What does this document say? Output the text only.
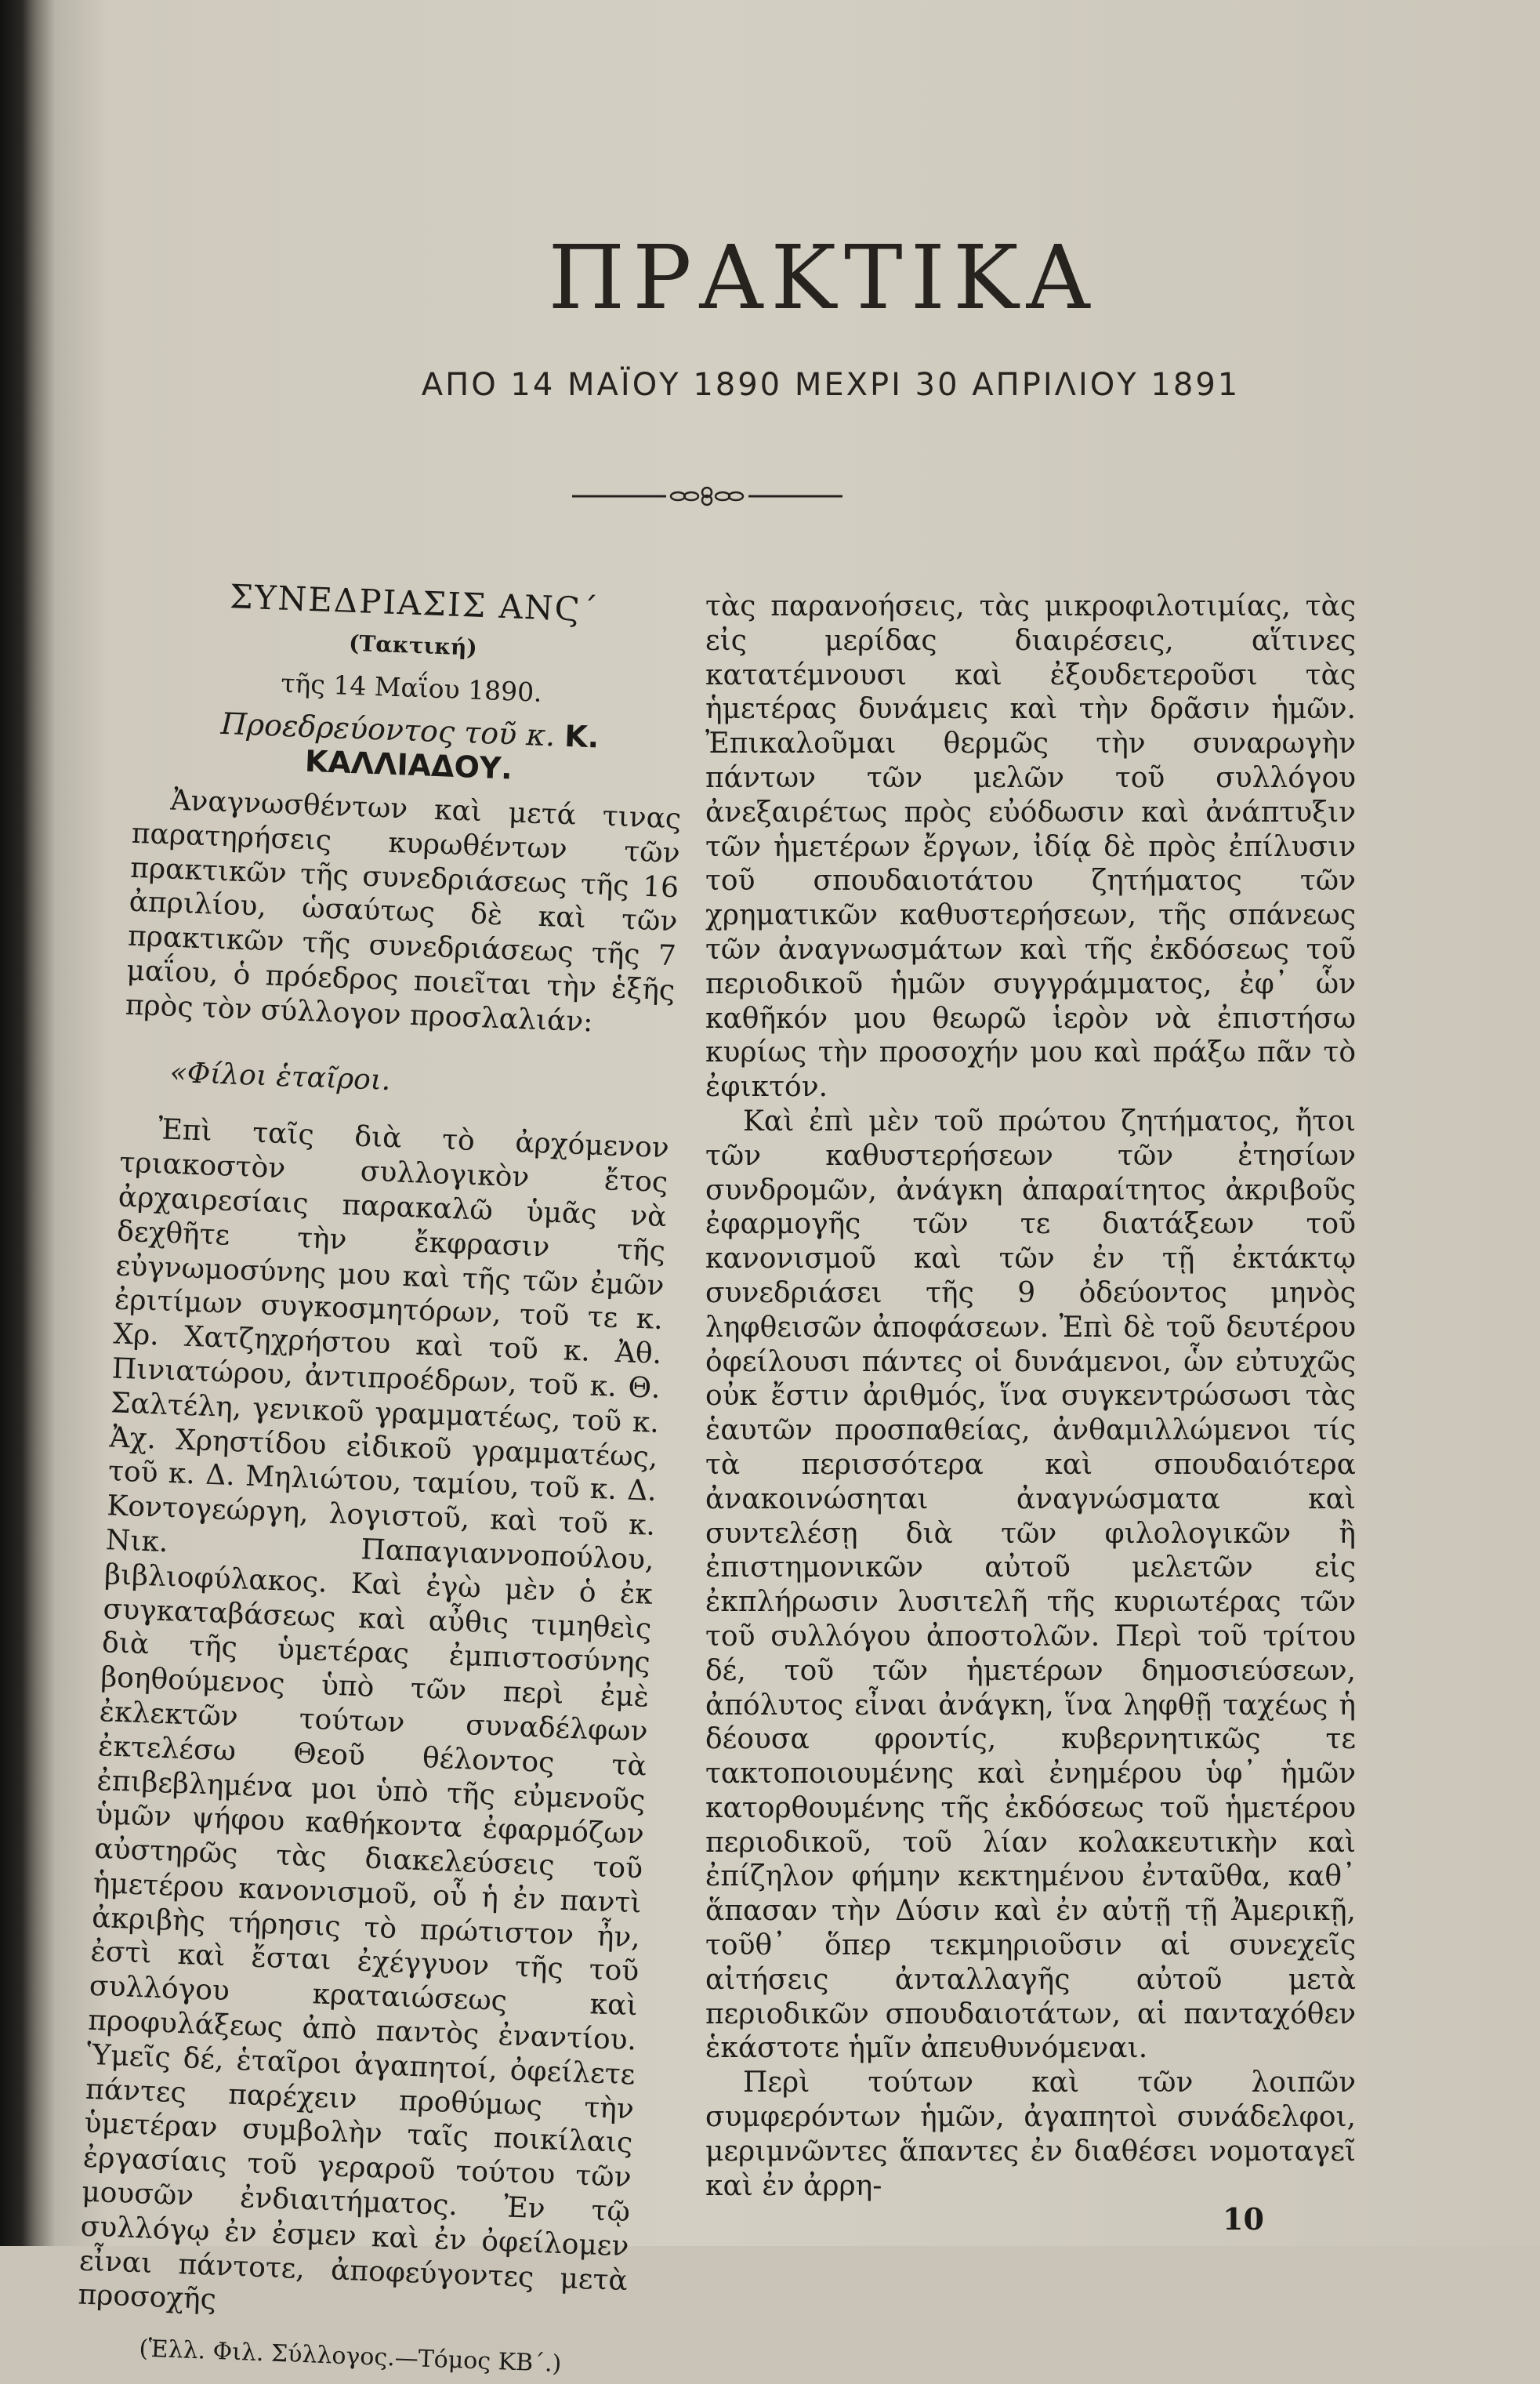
ΠΡΑΚΤΙΚΑ
ΑΠΟ 14 ΜΑΪΟΥ 1890 ΜΕΧΡΙ 30 ΑΠΡΙΛΙΟΥ 1891
ΣΥΝΕΔΡΙΑΣΙΣ ΑΝϚ΄
(Τακτική)
τῆς 14 Μαΐου 1890.
Προεδρεύοντος τοῦ κ. Κ. ΚΑΛΛΙΑΔΟΥ.

Ἀναγνωσθέντων καὶ μετά τινας παρατηρήσεις κυρωθέντων τῶν πρακτικῶν τῆς συνεδριάσεως τῆς 16 ἀπριλίου, ὡσαύτως δὲ καὶ τῶν πρακτικῶν τῆς συνεδριάσεως τῆς 7 μαΐου, ὁ πρόεδρος ποιεῖται τὴν ἑξῆς πρὸς τὸν σύλλογον προσλαλιάν:

«Φίλοι ἑταῖροι.

Ἐπὶ ταῖς διὰ τὸ ἀρχόμενον τριακοστὸν συλλογικὸν ἔτος ἀρχαιρεσίαις παρακαλῶ ὑμᾶς νὰ δεχθῆτε τὴν ἔκφρασιν τῆς εὐγνωμοσύνης μου καὶ τῆς τῶν ἐμῶν ἐριτίμων συγκοσμητόρων, τοῦ τε κ. Χρ. Χατζηχρήστου καὶ τοῦ κ. Ἀθ. Πινιατώρου, ἀντιπροέδρων, τοῦ κ. Θ. Σαλτέλη, γενικοῦ γραμματέως, τοῦ κ. Ἀχ. Χρηστίδου εἰδικοῦ γραμματέως, τοῦ κ. Δ. Μηλιώτου, ταμίου, τοῦ κ. Δ. Κοντογεώργη, λογιστοῦ, καὶ τοῦ κ. Νικ. Παπαγιαννοπούλου, βιβλιοφύλακος. Καὶ ἐγὼ μὲν ὁ ἐκ συγκαταβάσεως καὶ αὖθις τιμηθεὶς διὰ τῆς ὑμετέρας ἐμπιστοσύνης βοηθούμενος ὑπὸ τῶν περὶ ἐμὲ ἐκλεκτῶν τούτων συναδέλφων ἐκτελέσω Θεοῦ θέλοντος τὰ ἐπιβεβλημένα μοι ὑπὸ τῆς εὐμενοῦς ὑμῶν ψήφου καθήκοντα ἐφαρμόζων αὐστηρῶς τὰς διακελεύσεις τοῦ ἡμετέρου κανονισμοῦ, οὗ ἡ ἐν παντὶ ἀκριβὴς τήρησις τὸ πρώτιστον ἦν, ἐστὶ καὶ ἔσται ἐχέγγυον τῆς τοῦ συλλόγου κραταιώσεως καὶ προφυλάξεως ἀπὸ παντὸς ἐναντίου. Ὑμεῖς δέ, ἑταῖροι ἀγαπητοί, ὀφείλετε πάντες παρέχειν προθύμως τὴν ὑμετέραν συμβολὴν ταῖς ποικίλαις ἐργασίαις τοῦ γεραροῦ τούτου τῶν μουσῶν ἐνδιαιτήματος. Ἐν τῷ συλλόγῳ ἐν ἐσμεν καὶ ἐν ὀφείλομεν εἶναι πάντοτε, ἀποφεύγοντες μετὰ προσοχῆς

(Ἑλλ. Φιλ. Σύλλογος.—Τόμος ΚΒ΄.)

τὰς παρανοήσεις, τὰς μικροφιλοτιμίας, τὰς εἰς μερίδας διαιρέσεις, αἵτινες κατατέμνουσι καὶ ἐξουδετεροῦσι τὰς ἡμετέρας δυνάμεις καὶ τὴν δρᾶσιν ἡμῶν. Ἐπικαλοῦμαι θερμῶς τὴν συναρωγὴν πάντων τῶν μελῶν τοῦ συλλόγου ἀνεξαιρέτως πρὸς εὐόδωσιν καὶ ἀνάπτυξιν τῶν ἡμετέρων ἔργων, ἰδίᾳ δὲ πρὸς ἐπίλυσιν τοῦ σπουδαιοτάτου ζητήματος τῶν χρηματικῶν καθυστερήσεων, τῆς σπάνεως τῶν ἀναγνωσμάτων καὶ τῆς ἐκδόσεως τοῦ περιοδικοῦ ἡμῶν συγγράμματος, ἐφ᾽ ὧν καθῆκόν μου θεωρῶ ἱερὸν νὰ ἐπιστήσω κυρίως τὴν προσοχήν μου καὶ πράξω πᾶν τὸ ἐφικτόν.

Καὶ ἐπὶ μὲν τοῦ πρώτου ζητήματος, ἤτοι τῶν καθυστερήσεων τῶν ἐτησίων συνδρομῶν, ἀνάγκη ἀπαραίτητος ἀκριβοῦς ἐφαρμογῆς τῶν τε διατάξεων τοῦ κανονισμοῦ καὶ τῶν ἐν τῇ ἐκτάκτῳ συνεδριάσει τῆς 9 ὀδεύοντος μηνὸς ληφθεισῶν ἀποφάσεων. Ἐπὶ δὲ τοῦ δευτέρου ὀφείλουσι πάντες οἱ δυνάμενοι, ὧν εὐτυχῶς οὐκ ἔστιν ἀριθμός, ἵνα συγκεντρώσωσι τὰς ἑαυτῶν προσπαθείας, ἀνθαμιλλώμενοι τίς τὰ περισσότερα καὶ σπουδαιότερα ἀνακοινώσηται ἀναγνώσματα καὶ συντελέσῃ διὰ τῶν φιλολογικῶν ἢ ἐπιστημονικῶν αὐτοῦ μελετῶν εἰς ἐκπλήρωσιν λυσιτελῆ τῆς κυριωτέρας τῶν τοῦ συλλόγου ἀποστολῶν. Περὶ τοῦ τρίτου δέ, τοῦ τῶν ἡμετέρων δημοσιεύσεων, ἀπόλυτος εἶναι ἀνάγκη, ἵνα ληφθῇ ταχέως ἡ δέουσα φροντίς, κυβερνητικῶς τε τακτοποιουμένης καὶ ἐνημέρου ὑφ᾽ ἡμῶν κατορθουμένης τῆς ἐκδόσεως τοῦ ἡμετέρου περιοδικοῦ, τοῦ λίαν κολακευτικὴν καὶ ἐπίζηλον φήμην κεκτημένου ἐνταῦθα, καθ᾽ ἅπασαν τὴν Δύσιν καὶ ἐν αὐτῇ τῇ Ἀμερικῇ, τοῦθ᾽ ὅπερ τεκμηριοῦσιν αἱ συνεχεῖς αἰτήσεις ἀνταλλαγῆς αὐτοῦ μετὰ περιοδικῶν σπουδαιοτάτων, αἱ πανταχόθεν ἑκάστοτε ἡμῖν ἀπευθυνόμεναι.

Περὶ τούτων καὶ τῶν λοιπῶν συμφερόντων ἡμῶν, ἀγαπητοὶ συνάδελφοι, μεριμνῶντες ἅπαντες ἐν διαθέσει νομοταγεῖ καὶ ἐν ἀρρη-

10
